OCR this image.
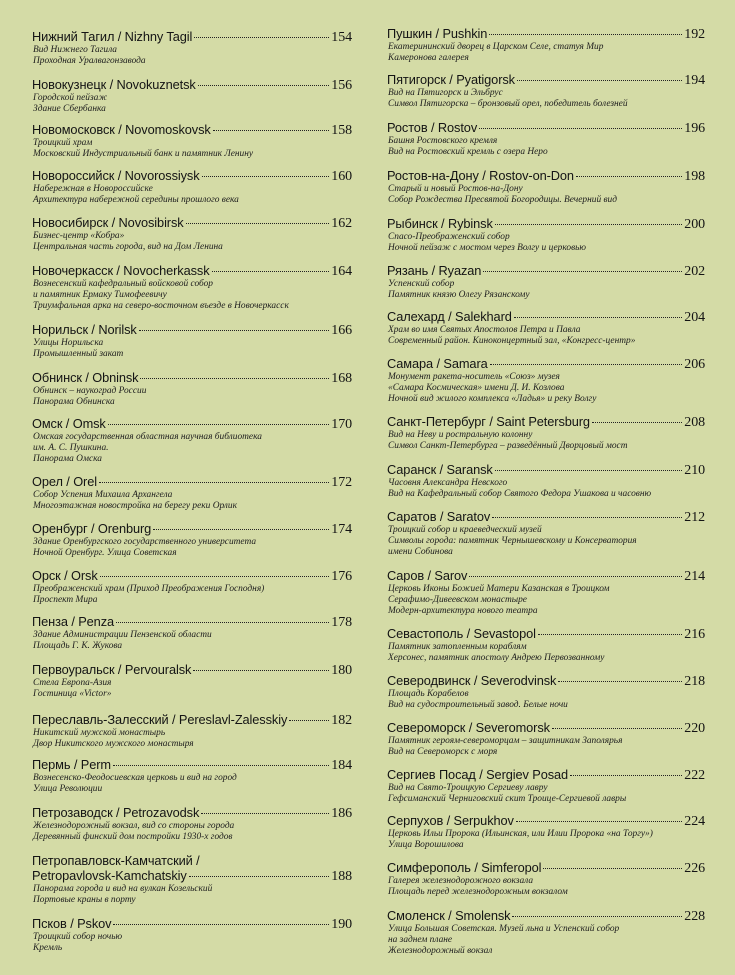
Нижний Тагил / Nizhny Tagil	154
Вид Нижнего Тагила
Проходная Уралвагонзавода
Новокузнецк / Novokuznetsk	156
Городской пейзаж
Здание Сбербанка
Новомосковск / Novomoskovsk	158
Троицкий храм
Московский Индустриальный банк и памятник Ленину
Новороссийск / Novorossiysk	160
Набережная в Новороссийске
Архитектура набережной середины прошлого века
Новосибирск / Novosibirsk	162
Бизнес-центр «Кобра»
Центральная часть города, вид на Дом Ленина
Новочеркасск / Novocherkassk	164
Вознесенский кафедральный войсковой собор
и памятник Ермаку Тимофеевичу
Триумфальная арка на северо-восточном въезде в Новочеркасск
Норильск / Norilsk	166
Улицы Норильска
Промышленный закат
Обнинск / Obninsk	168
Обнинск – наукоград России
Панорама Обнинска
Омск / Omsk	170
Омская государственная областная научная библиотека
им. А. С. Пушкина.
Панорама Омска
Орел / Orel	172
Собор Успения Михаила Архангела
Многоэтажная новостройка на берегу реки Орлик
Оренбург / Orenburg	174
Здание Оренбургского государственного университета
Ночной Оренбург. Улица Советская
Орск / Orsk	176
Преображенский храм (Приход Преображения Господня)
Проспект Мира
Пенза / Penza	178
Здание Администрации Пензенской области
Площадь Г. К. Жукова
Первоуральск / Pervouralsk	180
Стела Европа-Азия
Гостиница «Victor»
Переславль-Залесский / Pereslavl-Zalesskiy	182
Никитский мужской монастырь
Двор Никитского мужского монастыря
Пермь / Perm	184
Вознесенско-Феодосиевская церковь и вид на город
Улица Революции
Петрозаводск / Petrozavodsk	186
Железнодорожный вокзал, вид со стороны города
Деревянный финский дом постройки 1930-х годов
Петропавловск-Камчатский /
Petropavlovsk-Kamchatskiy	188
Панорама города и вид на вулкан Козельский
Портовые краны в порту
Псков / Pskov	190
Троицкий собор ночью
Кремль
Пушкин / Pushkin	192
Екатерининский дворец в Царском Селе, статуя Мир
Камеронова галерея
Пятигорск / Pyatigorsk	194
Вид на Пятигорск и Эльбрус
Символ Пятигорска – бронзовый орел, победитель болезней
Ростов / Rostov	196
Башня Ростовского кремля
Вид на Ростовский кремль с озера Неро
Ростов-на-Дону / Rostov-on-Don	198
Старый и новый Ростов-на-Дону
Собор Рождества Пресвятой Богородицы. Вечерний вид
Рыбинск / Rybinsk	200
Спасо-Преображенский собор
Ночной пейзаж с мостом через Волгу и церковью
Рязань / Ryazan	202
Успенский собор
Памятник князю Олегу Рязанскому
Салехард / Salekhard	204
Храм во имя Святых Апостолов Петра и Павла
Современный район. Киноконцертный зал, «Конгресс-центр»
Самара / Samara	206
Монумент ракета-носитель «Союз» музея
«Самара Космическая» имени Д. И. Козлова
Ночной вид жилого комплекса «Ладья» и реку Волгу
Санкт-Петербург / Saint Petersburg	208
Вид на Неву и ростральную колонну
Символ Санкт-Петербурга – разведённый Дворцовый мост
Саранск / Saransk	210
Часовня Александра Невского
Вид на Кафедральный собор Святого Федора Ушакова и часовню
Саратов / Saratov	212
Троицкий собор и краеведческий музей
Символы города: памятник Чернышевскому и Консерватория
имени Собинова
Саров / Sarov	214
Церковь Иконы Божией Матери Казанская в Троицком
Серафимо-Дивеевском монастыре
Модерн-архитектура нового театра
Севастополь / Sevastopol	216
Памятник затопленным кораблям
Херсонес, памятник апостолу Андрею Первозванному
Северодвинск / Severodvinsk	218
Площадь Корабелов
Вид на судостроительный завод. Белые ночи
Североморск / Severomorsk	220
Памятник героям-североморцам – защитникам Заполярья
Вид на Североморск с моря
Сергиев Посад / Sergiev Posad	222
Вид на Свято-Троицкую Сергиеву лавру
Гефсиманский Черниговский скит Троице-Сергиевой лавры
Серпухов / Serpukhov	224
Церковь Ильи Пророка (Ильинская, или Илии Пророка «на Торгу»)
Улица Ворошилова
Симферополь / Simferopol	226
Галерея железнодорожного вокзала
Площадь перед железнодорожным вокзалом
Смоленск / Smolensk	228
Улица Большая Советская. Музей льна и Успенский собор
на заднем плане
Железнодорожный вокзал
